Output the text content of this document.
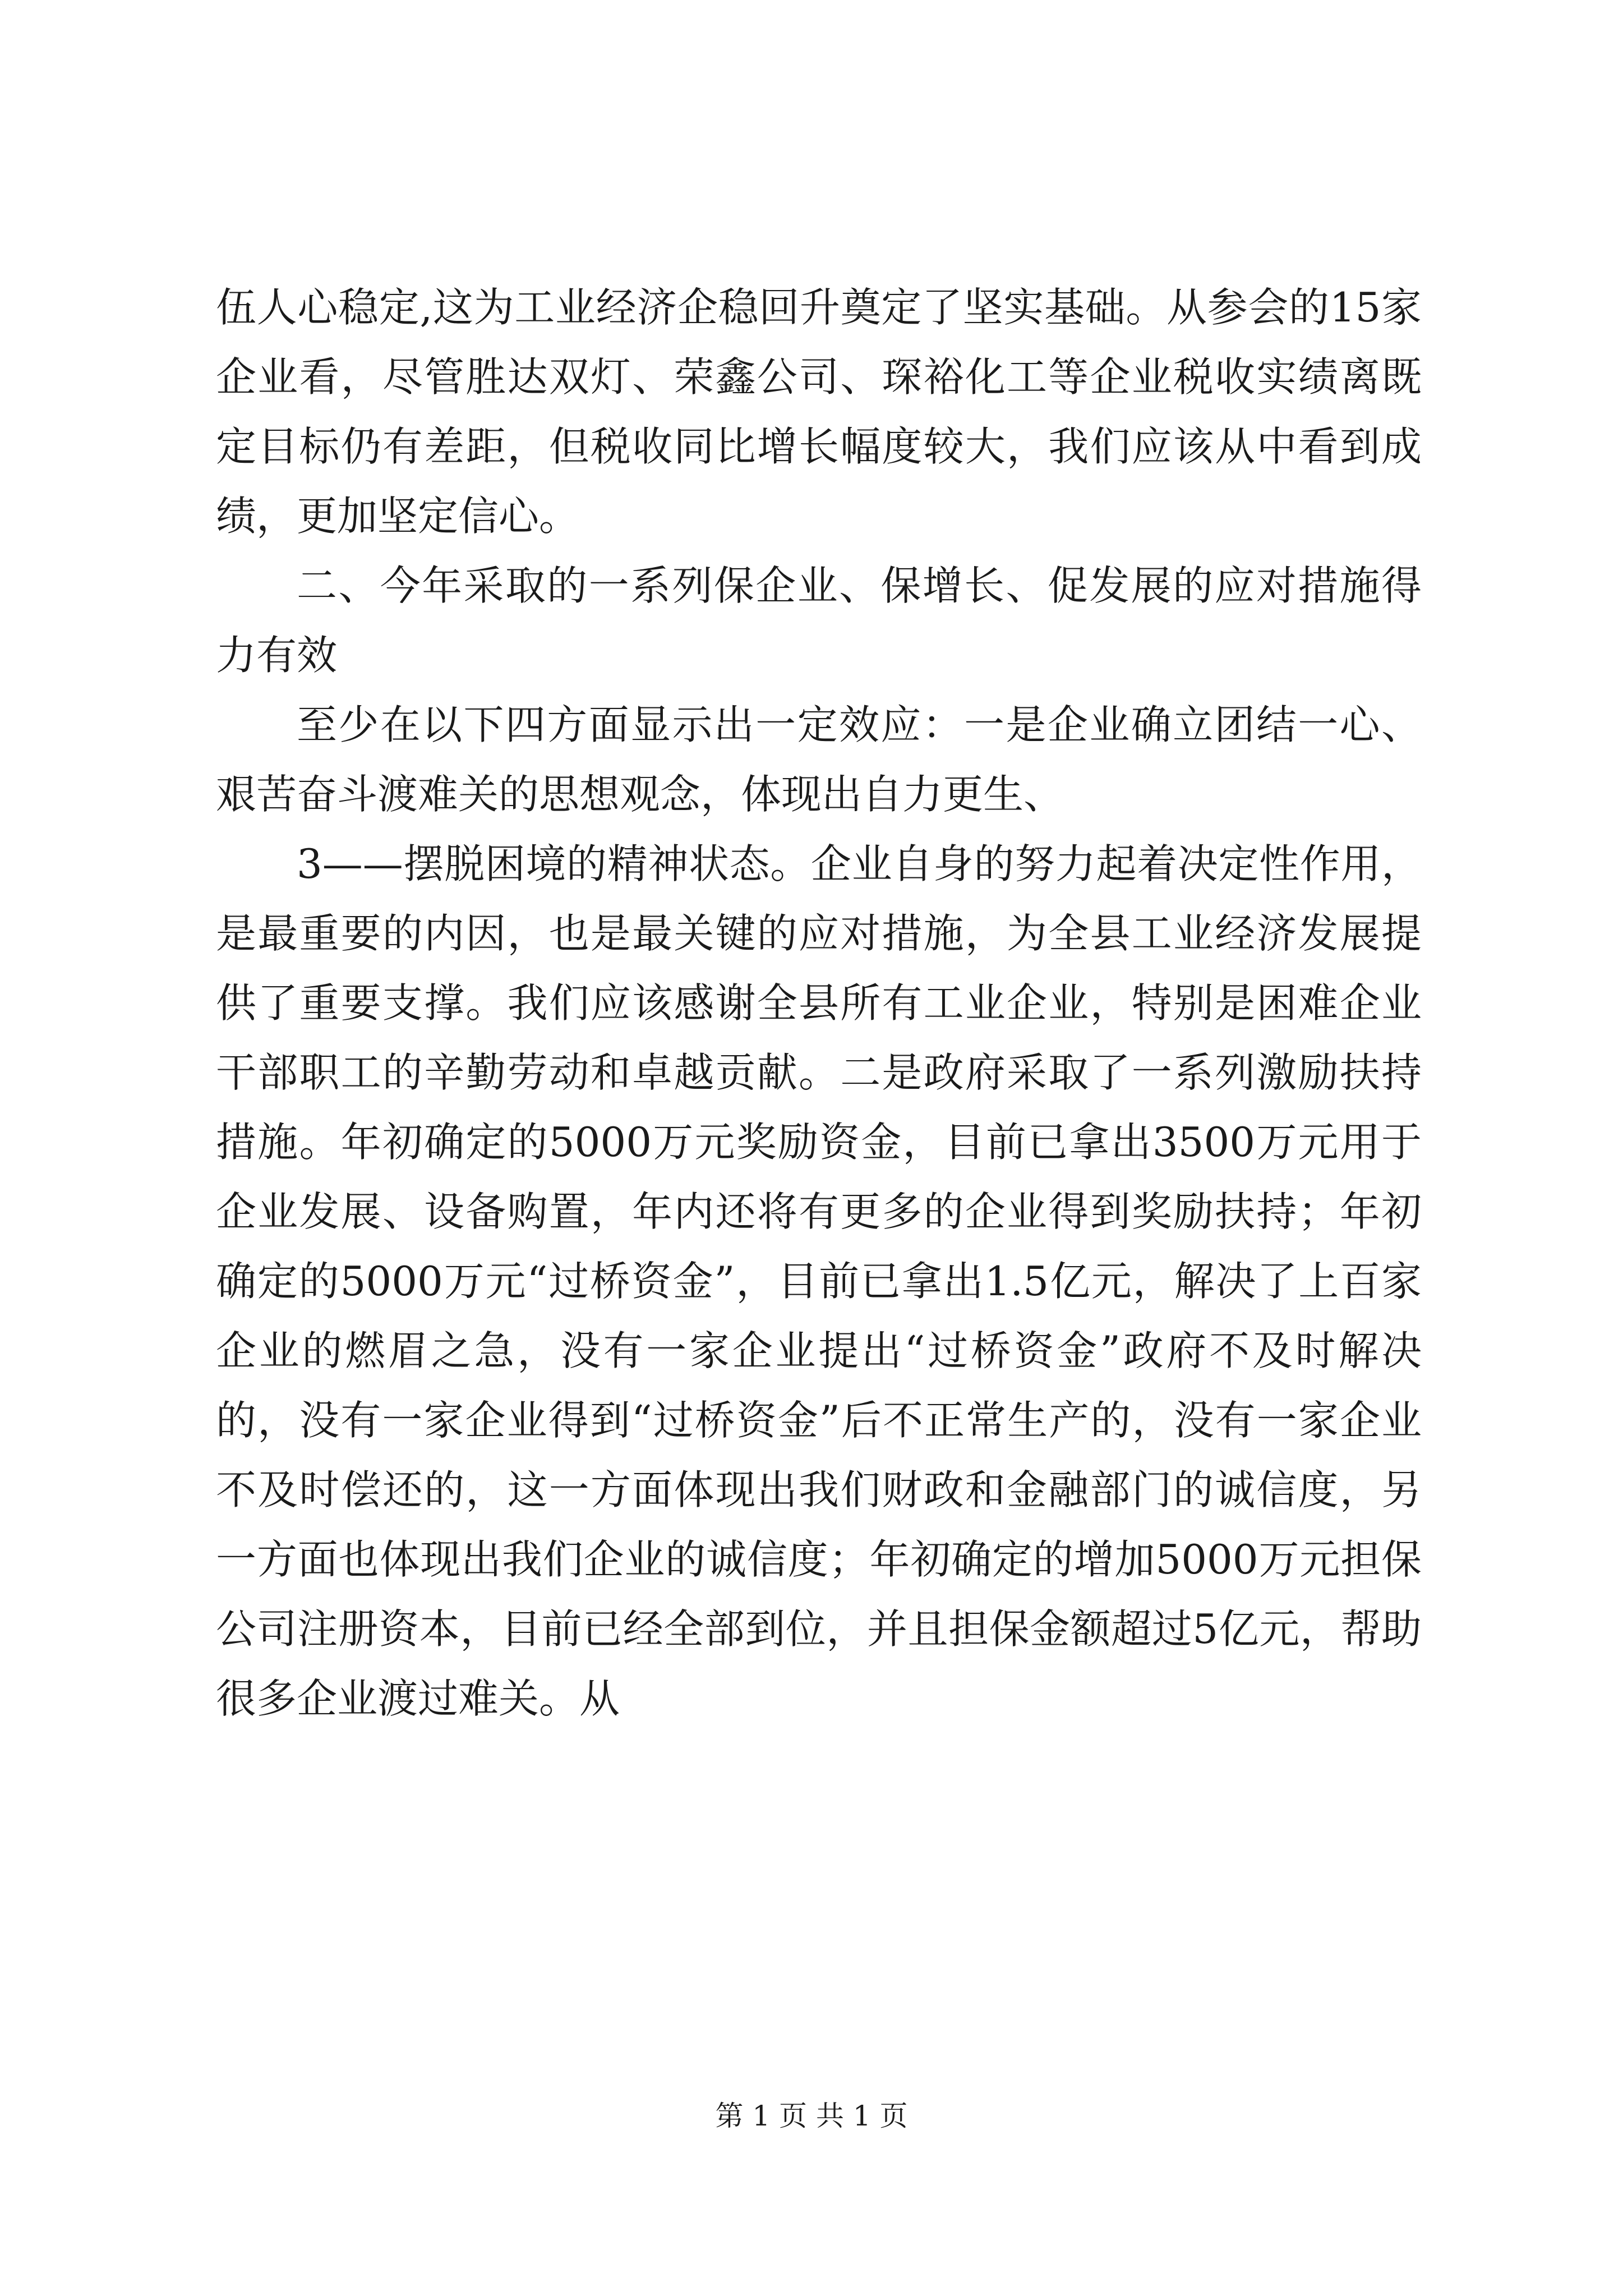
伍人心稳定,这为工业经济企稳回升奠定了坚实基础。从参会的15家企业看，尽管胜达双灯、荣鑫公司、琛裕化工等企业税收实绩离既定目标仍有差距，但税收同比增长幅度较大，我们应该从中看到成绩，更加坚定信心。

二、今年采取的一系列保企业、保增长、促发展的应对措施得力有效

至少在以下四方面显示出一定效应：一是企业确立团结一心、艰苦奋斗渡难关的思想观念，体现出自力更生、

3——摆脱困境的精神状态。企业自身的努力起着决定性作用，是最重要的内因，也是最关键的应对措施，为全县工业经济发展提供了重要支撑。我们应该感谢全县所有工业企业，特别是困难企业干部职工的辛勤劳动和卓越贡献。二是政府采取了一系列激励扶持措施。年初确定的5000万元奖励资金，目前已拿出3500万元用于企业发展、设备购置，年内还将有更多的企业得到奖励扶持；年初确定的5000万元“过桥资金”，目前已拿出1.5亿元，解决了上百家企业的燃眉之急，没有一家企业提出“过桥资金”政府不及时解决的，没有一家企业得到“过桥资金”后不正常生产的，没有一家企业不及时偿还的，这一方面体现出我们财政和金融部门的诚信度，另一方面也体现出我们企业的诚信度；年初确定的增加5000万元担保公司注册资本，目前已经全部到位，并且担保金额超过5亿元，帮助很多企业渡过难关。从

第 1 页 共 1 页
